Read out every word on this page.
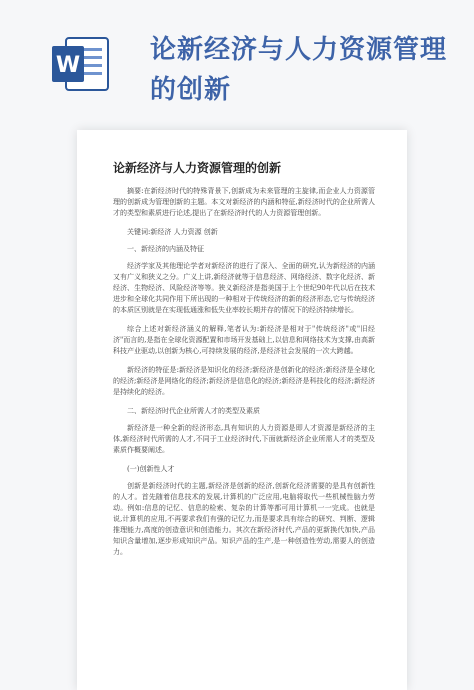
W
论新经济与人力资源管理的创新
论新经济与人力资源管理的创新

摘要:在新经济时代的特殊背景下,创新成为未来管理的主旋律,而企业人力资源管理的创新成为管理创新的主题。本文对新经济的内涵和特征,新经济时代的企业所需人才的类型和素质进行论述,提出了在新经济时代的人力资源管理创新。

关键词:新经济 人力资源 创新

一、新经济的内涵及特征

经济学家及其他理论学者对新经济的进行了深入、全面的研究,认为新经济的内涵又有广义和狭义之分。广义上讲,新经济就等于信息经济、网络经济、数字化经济、新经济、生物经济、风险经济等等。狭义新经济是指美国于上个世纪90年代以后在技术进步和全球化共同作用下所出现的一种相对于传统经济的新的经济形态,它与传统经济的本质区别就是在实现低通涨和低失业率较长期并存的情况下的经济持续增长。

综合上述对新经济涵义的解释,笔者认为:新经济是相对于"传统经济"或"旧经济"而言的,是指在全球化资源配置和市场开发基础上,以信息和网络技术为支撑,由高新科技产业驱动,以创新为核心,可持续发展的经济,是经济社会发展的一次大跨越。

新经济的特征是:新经济是知识化的经济;新经济是创新化的经济;新经济是全球化的经济;新经济是网络化的经济;新经济是信息化的经济;新经济是科技化的经济;新经济是持续化的经济。

二、新经济时代企业所需人才的类型及素质

新经济是一种全新的经济形态,具有知识的人力资源是即人才资源是新经济的主体,新经济时代所需的人才,不同于工业经济时代,下面就新经济企业所需人才的类型及素质作概要阐述。

(一)创新性人才

创新是新经济时代的主题,新经济是创新的经济,创新化经济需要的是具有创新性的人才。首先随着信息技术的发展,计算机的广泛应用,电脑将取代一些机械性脑力劳动。例如:信息的记忆、信息的检索、复杂的计算等都可用计算机一一完成。也就是说,计算机的应用,不再要求我们有强的记忆力,而是要求具有综合的研究、判断、逻辑推理能力,高度的创造意识和创造能力。其次在新经济时代,产品的更新换代加快,产品知识含量增加,逐步形成知识产品。知识产品的生产,是一种创造性劳动,需要人的创造力。
